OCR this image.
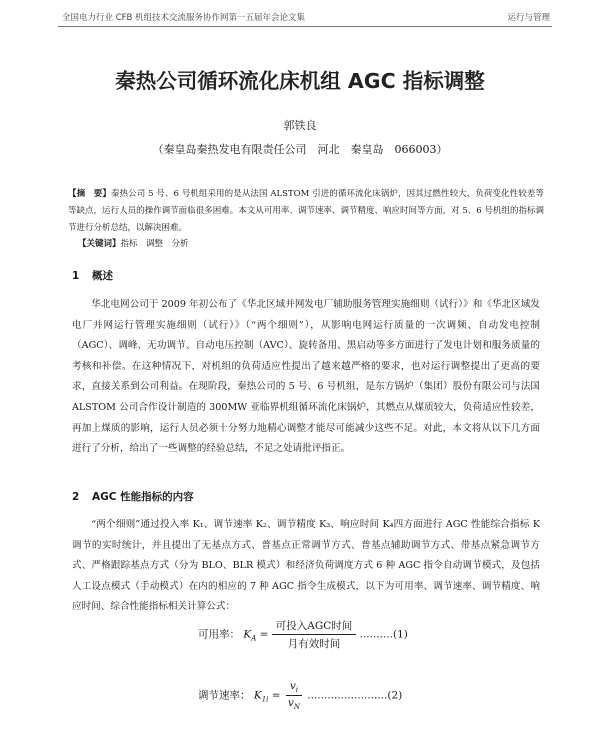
全国电力行业 CFB 机组技术交流服务协作网第一五届年会论文集	运行与管理
秦热公司循环流化床机组 AGC 指标调整
郭铁良
（秦皇岛秦热发电有限责任公司　河北　秦皇岛　066003）
【摘　要】秦热公司 5 号、6 号机组采用的是从法国 ALSTOM 引进的循环流化床锅炉，因其过燃性较大，负荷变化性较差等等缺点，运行人员的操作调节面临很多困难。本文从可用率、调节速率、调节精度、响应时间等方面，对 5、6 号机组的指标调节进行分析总结，以解决困难。
【关键词】指标　调整　分析
1 概述
华北电网公司于 2009 年初公布了《华北区域并网发电厂辅助服务管理实施细则（试行）》和《华北区域发电厂并网运行管理实施细则（试行）》（“两个细则”），从影响电网运行质量的一次调频、自动发电控制（AGC）、调峰、无功调节、自动电压控制（AVC）、旋转备用、黑启动等多方面进行了发电计划和服务质量的考核和补偿。在这种情况下，对机组的负荷适应性提出了越来越严格的要求，也对运行调整提出了更高的要求，直接关系到公司利益。在现阶段，秦热公司的 5 号、6 号机组，是东方锅炉（集团）股份有限公司与法国 ALSTOM 公司合作设计制造的 300MW 亚临界机组循环流化床锅炉，其燃点从煤质较大，负荷适应性较差，再加上煤质的影响，运行人员必须十分努力地精心调整才能尽可能减少这些不足。对此，本文将从以下几方面进行了分析，给出了一些调整的经验总结，不足之处请批评指正。
2 AGC 性能指标的内容
“两个细则”通过投入率 K₁、调节速率 K₂、调节精度 K₃、响应时间 K₄四方面进行 AGC 性能综合指标 K 调节的实时统计，并且提出了无基点方式、普基点正常调节方式、普基点辅助调节方式、带基点紧急调节方式、严格跟踪基点方式（分为 BLO、BLR 模式）和经济负荷调度方式 6 种 AGC 指令自动调节模式，及包括人工设点模式（手动模式）在内的相应的 7 种 AGC 指令生成模式，以下为可用率、调节速率、调节精度、响应时间、综合性能指标相关计算公式：
可用率： $K_A = \frac{\text{可投入AGC时间}}{\text{月有效时间}} ..........(1)$
调节速率： $K_{1i} = \frac{v_i}{v_N} ........................(2)$
